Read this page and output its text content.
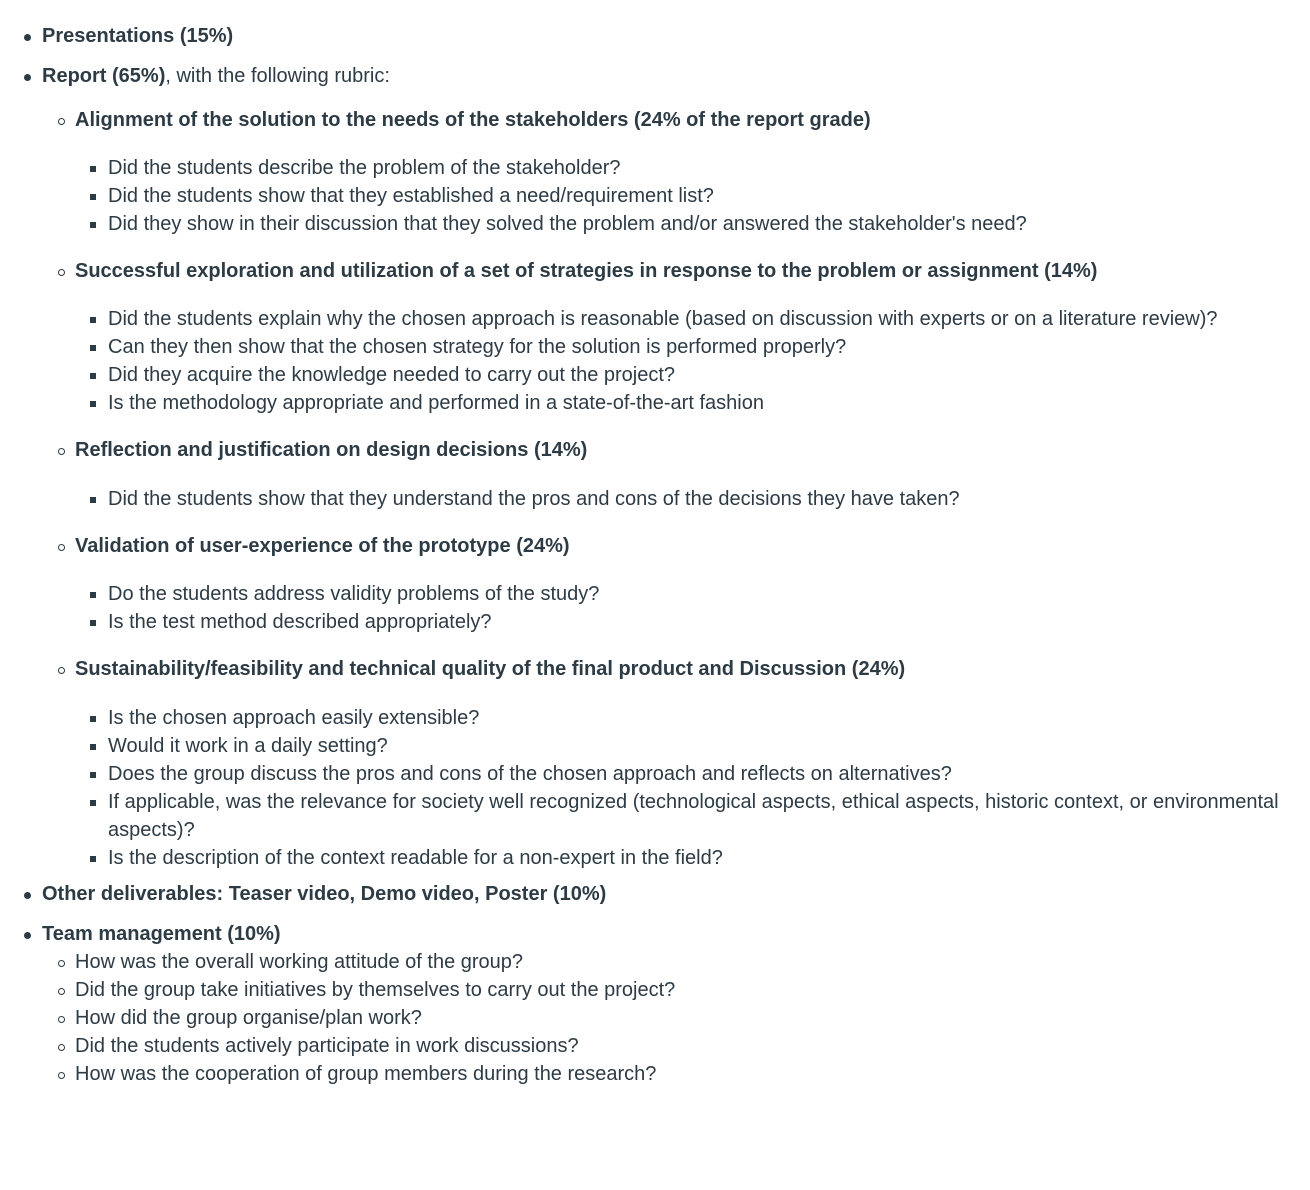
Presentations (15%)
Report (65%), with the following rubric:
Alignment of the solution to the needs of the stakeholders (24% of the report grade)
Did the students describe the problem of the stakeholder?
Did the students show that they established a need/requirement list?
Did they show in their discussion that they solved the problem and/or answered the stakeholder's need?
Successful exploration and utilization of a set of strategies in response to the problem or assignment (14%)
Did the students explain why the chosen approach is reasonable (based on discussion with experts or on a literature review)?
Can they then show that the chosen strategy for the solution is performed properly?
Did they acquire the knowledge needed to carry out the project?
Is the methodology appropriate and performed in a state-of-the-art fashion
Reflection and justification on design decisions (14%)
Did the students show that they understand the pros and cons of the decisions they have taken?
Validation of user-experience of the prototype (24%)
Do the students address validity problems of the study?
Is the test method described appropriately?
Sustainability/feasibility and technical quality of the final product and Discussion (24%)
Is the chosen approach easily extensible?
Would it work in a daily setting?
Does the group discuss the pros and cons of the chosen approach and reflects on alternatives?
If applicable, was the relevance for society well recognized (technological aspects, ethical aspects, historic context, or environmental aspects)?
Is the description of the context readable for a non-expert in the field?
Other deliverables: Teaser video, Demo video, Poster (10%)
Team management (10%)
How was the overall working attitude of the group?
Did the group take initiatives by themselves to carry out the project?
How did the group organise/plan work?
Did the students actively participate in work discussions?
How was the cooperation of group members during the research?
